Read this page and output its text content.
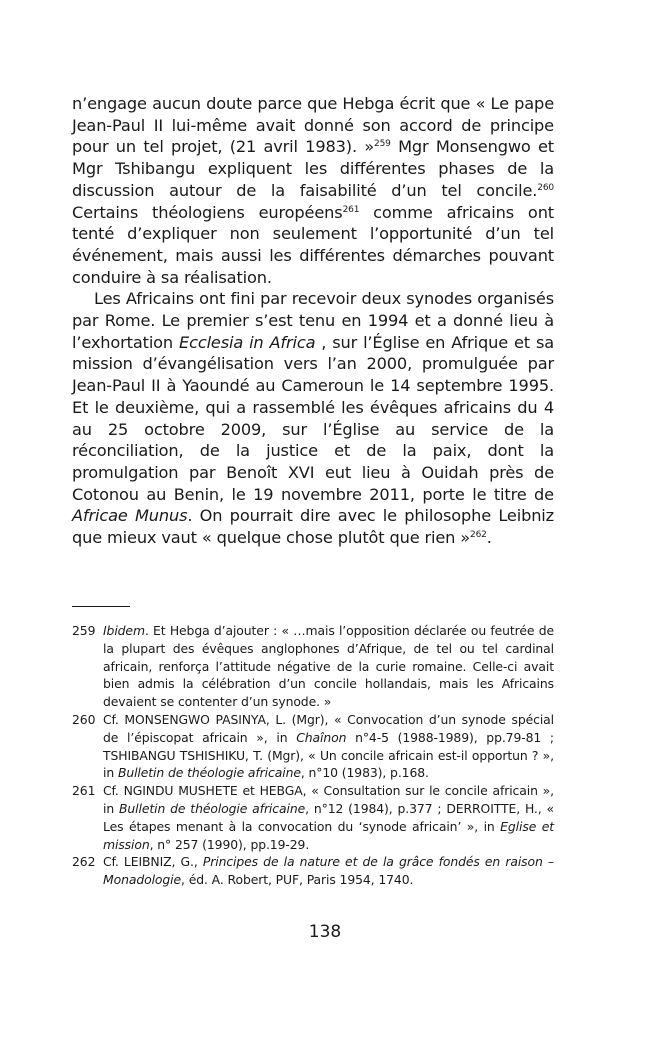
n’engage aucun doute parce que Hebga écrit que « Le pape Jean-Paul II lui-même avait donné son accord de principe pour un tel projet, (21 avril 1983). »$^{259}$ Mgr Monsengwo et Mgr Tshibangu expliquent les différentes phases de la discussion autour de la faisabilité d’un tel concile.$^{260}$ Certains théologiens européens$^{261}$ comme africains ont tenté d’expliquer non seulement l’opportunité d’un tel événement, mais aussi les différentes démarches pouvant conduire à sa réalisation.

Les Africains ont fini par recevoir deux synodes organisés par Rome. Le premier s’est tenu en 1994 et a donné lieu à l’exhortation Ecclesia in Africa , sur l’Église en Afrique et sa mission d’évangélisation vers l’an 2000, promulguée par Jean-Paul II à Yaoundé au Cameroun le 14 septembre 1995. Et le deuxième, qui a rassemblé les évêques africains du 4 au 25 octobre 2009, sur l’Église au service de la réconciliation, de la justice et de la paix, dont la promulgation par Benoît XVI eut lieu à Ouidah près de Cotonou au Benin, le 19 novembre 2011, porte le titre de Africae Munus. On pourrait dire avec le philosophe Leibniz que mieux vaut « quelque chose plutôt que rien »$^{262}$.

259 Ibidem. Et Hebga d’ajouter : « …mais l’opposition déclarée ou feutrée de la plupart des évêques anglophones d’Afrique, de tel ou tel cardinal africain, renforça l’attitude négative de la curie romaine. Celle-ci avait bien admis la célébration d’un concile hollandais, mais les Africains devaient se contenter d’un synode. »
260 Cf. MONSENGWO PASINYA, L. (Mgr), « Convocation d’un synode spécial de l’épiscopat africain », in Chaînon n°4-5 (1988-1989), pp.79-81 ; TSHIBANGU TSHISHIKU, T. (Mgr), « Un concile africain est-il opportun ? », in Bulletin de théologie africaine, n°10 (1983), p.168.
261 Cf. NGINDU MUSHETE et HEBGA, « Consultation sur le concile africain », in Bulletin de théologie africaine, n°12 (1984), p.377 ; DERROITTE, H., « Les étapes menant à la convocation du ‘synode africain’ », in Eglise et mission, n° 257 (1990), pp.19-29.
262 Cf. LEIBNIZ, G., Principes de la nature et de la grâce fondés en raison – Monadologie, éd. A. Robert, PUF, Paris 1954, 1740.
138
